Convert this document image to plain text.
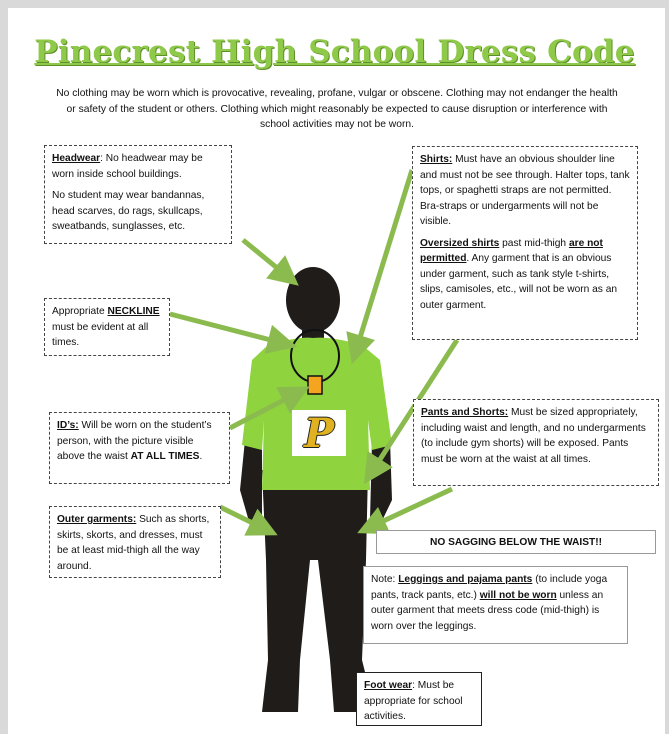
P
Pinecrest High School Dress Code
No clothing may be worn which is provocative, revealing, profane, vulgar or obscene. Clothing may not endanger the health or safety of the student or others. Clothing which might reasonably be expected to cause disruption or interference with school activities may not be worn.

Headwear: No headwear may be worn inside school buildings.

No student may wear bandannas, head scarves, do rags, skullcaps, sweatbands, sunglasses, etc.

Appropriate NECKLINE must be evident at all times.
ID’s: Will be worn on the student’s person, with the picture visible above the waist AT ALL TIMES.
Outer garments: Such as shorts, skirts, skorts, and dresses, must be at least mid-thigh all the way around.

Shirts: Must have an obvious shoulder line and must not be see through. Halter tops, tank tops, or spaghetti straps are not permitted. Bra-straps or undergarments will not be visible.

Oversized shirts past mid-thigh are not permitted. Any garment that is an obvious under garment, such as tank style t-shirts, slips, camisoles, etc., will not be worn as an outer garment.

Pants and Shorts: Must be sized appropriately, including waist and length, and no undergarments (to include gym shorts) will be exposed. Pants must be worn at the waist at all times.
NO SAGGING BELOW THE WAIST!!
Note: Leggings and pajama pants (to include yoga pants, track pants, etc.) will not be worn unless an outer garment that meets dress code (mid-thigh) is worn over the leggings.
Foot wear: Must be appropriate for school activities.
